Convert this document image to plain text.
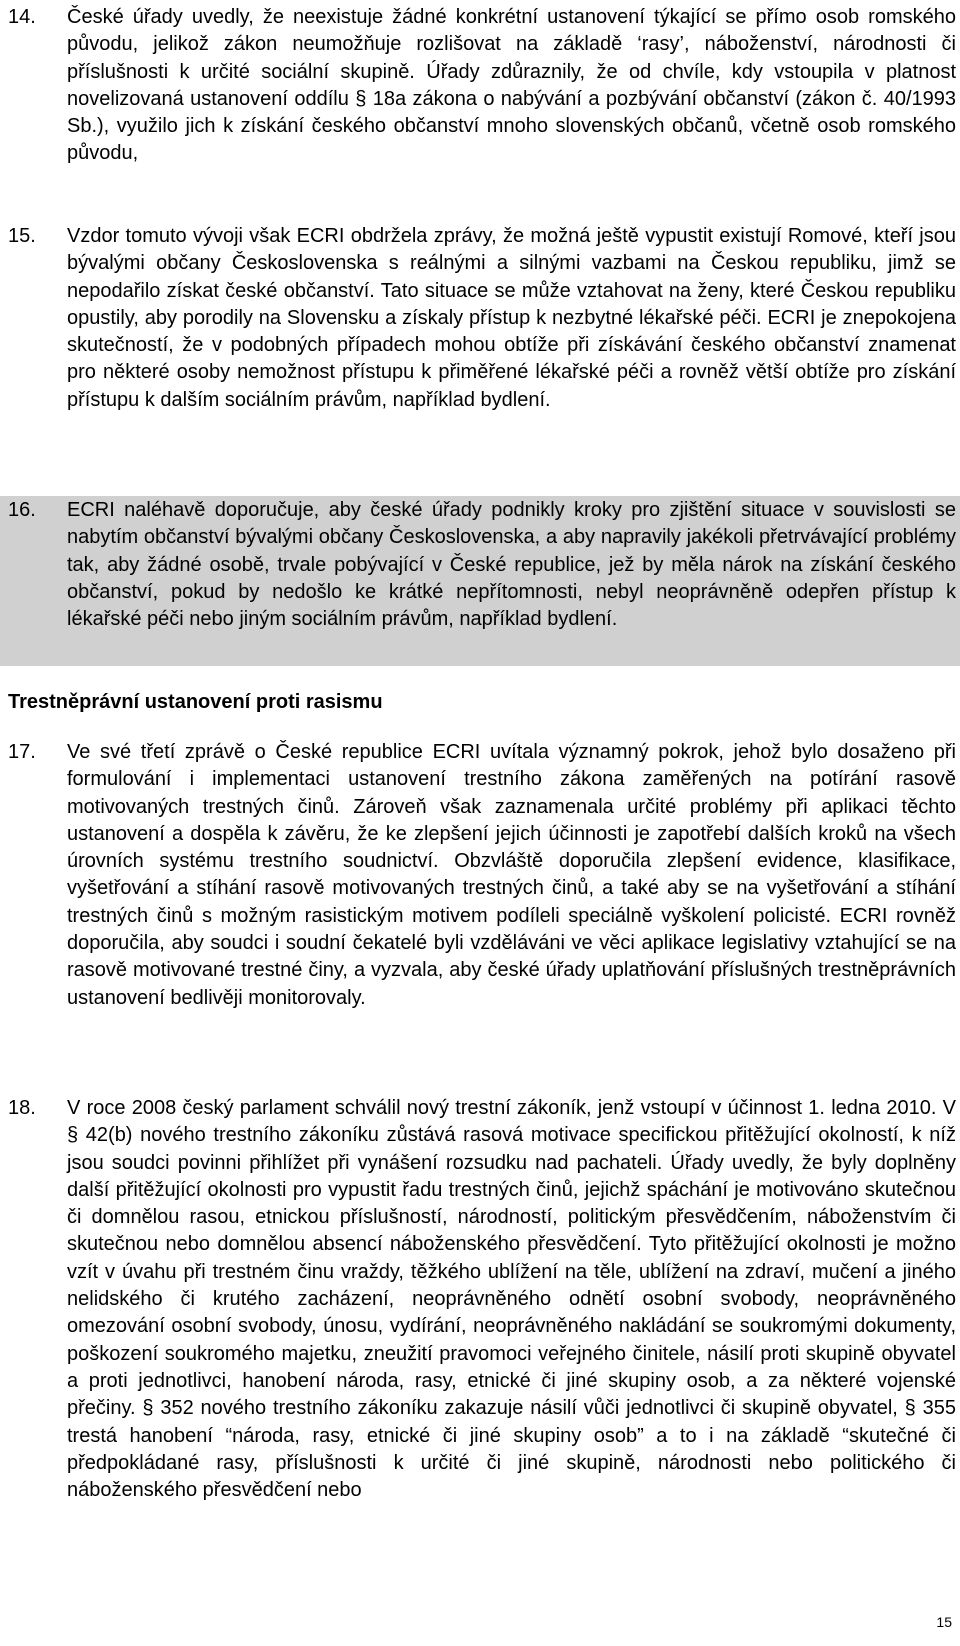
14. České úřady uvedly, že neexistuje žádné konkrétní ustanovení týkající se přímo osob romského původu, jelikož zákon neumožňuje rozlišovat na základě ‘rasy’, náboženství, národnosti či příslušnosti k určité sociální skupině. Úřady zdůraznily, že od chvíle, kdy vstoupila v platnost novelizovaná ustanovení oddílu § 18a zákona o nabývání a pozbývání občanství (zákon č. 40/1993 Sb.), využilo jich k získání českého občanství mnoho slovenských občanů, včetně osob romského původu,
15. Vzdor tomuto vývoji však ECRI obdržela zprávy, že možná ještě vypustit existují Romové, kteří jsou bývalými občany Československa s reálnými a silnými vazbami na Českou republiku, jimž se nepodařilo získat české občanství. Tato situace se může vztahovat na ženy, které Českou republiku opustily, aby porodily na Slovensku a získaly přístup k nezbytné lékařské péči. ECRI je znepokojena skutečností, že v podobných případech mohou obtíže při získávání českého občanství znamenat pro některé osoby nemožnost přístupu k přiměřené lékařské péči a rovněž větší obtíže pro získání přístupu k dalším sociálním právům, například bydlení.
16. ECRI naléhavě doporučuje, aby české úřady podnikly kroky pro zjištění situace v souvislosti se nabytím občanství bývalými občany Československa, a aby napravily jakékoli přetrvávající problémy tak, aby žádné osobě, trvale pobývající v České republice, jež by měla nárok na získání českého občanství, pokud by nedošlo ke krátké nepřítomnosti, nebyl neoprávněně odepřen přístup k lékařské péči nebo jiným sociálním právům, například bydlení.
Trestněprávní ustanovení proti rasismu
17. Ve své třetí zprávě o České republice ECRI uvítala významný pokrok, jehož bylo dosaženo při formulování i implementaci ustanovení trestního zákona zaměřených na potírání rasově motivovaných trestných činů. Zároveň však zaznamenala určité problémy při aplikaci těchto ustanovení a dospěla k závěru, že ke zlepšení jejich účinnosti je zapotřebí dalších kroků na všech úrovních systému trestního soudnictví. Obzvláště doporučila zlepšení evidence, klasifikace, vyšetřování a stíhání rasově motivovaných trestných činů, a také aby se na vyšetřování a stíhání trestných činů s možným rasistickým motivem podíleli speciálně vyškolení policisté. ECRI rovněž doporučila, aby soudci i soudní čekatelé byli vzděláváni ve věci aplikace legislativy vztahující se na rasově motivované trestné činy, a vyzvala, aby české úřady uplatňování příslušných trestněprávních ustanovení bedlivěji monitorovaly.
18. V roce 2008 český parlament schválil nový trestní zákoník, jenž vstoupí v účinnost 1. ledna 2010. V § 42(b) nového trestního zákoníku zůstává rasová motivace specifickou přitěžující okolností, k níž jsou soudci povinni přihlížet při vynášení rozsudku nad pachateli. Úřady uvedly, že byly doplněny další přitěžující okolnosti pro vypustit řadu trestných činů, jejichž spáchání je motivováno skutečnou či domnělou rasou, etnickou příslušností, národností, politickým přesvědčením, náboženstvím či skutečnou nebo domnělou absencí náboženského přesvědčení. Tyto přitěžující okolnosti je možno vzít v úvahu při trestném činu vraždy, těžkého ublížení na těle, ublížení na zdraví, mučení a jiného nelidského či krutého zacházení, neoprávněného odnětí osobní svobody, neoprávněného omezování osobní svobody, únosu, vydírání, neoprávněného nakládání se soukromými dokumenty, poškození soukromého majetku, zneužití pravomoci veřejného činitele, násilí proti skupině obyvatel a proti jednotlivci, hanobení národa, rasy, etnické či jiné skupiny osob, a za některé vojenské přečiny. § 352 nového trestního zákoníku zakazuje násilí vůči jednotlivci či skupině obyvatel, § 355 trestá hanobení “národa, rasy, etnické či jiné skupiny osob” a to i na základě “skutečné či předpokládané rasy, příslušnosti k určité či jiné skupině, národnosti nebo politického či náboženského přesvědčení nebo
15
